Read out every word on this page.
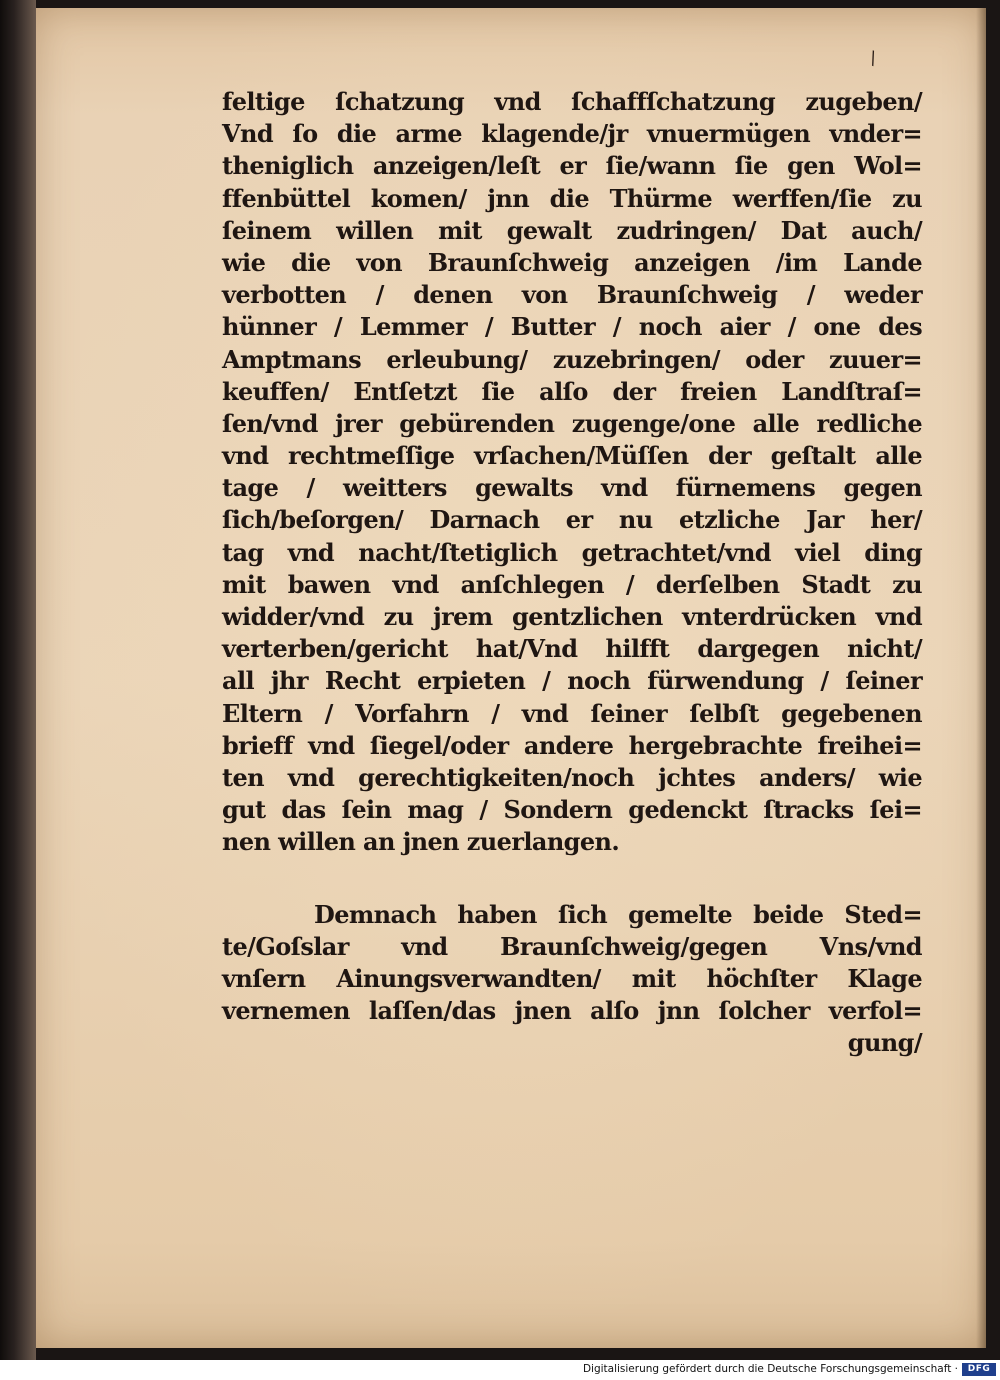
\
feltige ſchatzung vnd ſchaffſchatzung zugeben/
Vnd ſo die arme klagende/jr vnuermügen vnder=
theniglich anzeigen/leſt er ſie/wann ſie gen Wol=
ffenbüttel komen/ jnn die Thürme werffen/ſie zu
ſeinem willen mit gewalt zudringen/ Dat auch/
wie die von Braunſchweig anzeigen /im Lande
verbotten / denen von Braunſchweig / weder
hünner / Lemmer / Butter / noch aier / one des
Amptmans erleubung/ zuzebringen/ oder zuuer=
keuffen/ Entſetzt ſie alſo der freien Landſtraſ=
ſen/vnd jrer gebürenden zugenge/one alle redliche
vnd rechtmeſſige vrſachen/Müſſen der geſtalt alle
tage / weitters gewalts vnd fürnemens gegen
ſich/beſorgen/ Darnach er nu etzliche Jar her/
tag vnd nacht/ſtetiglich getrachtet/vnd viel ding
mit bawen vnd anſchlegen / derſelben Stadt zu
widder/vnd zu jrem gentzlichen vnterdrücken vnd
verterben/gericht hat/Vnd hilfft dargegen nicht/
all jhr Recht erpieten / noch fürwendung / ſeiner
Eltern / Vorfahrn / vnd ſeiner ſelbſt gegebenen
brieff vnd ſiegel/oder andere hergebrachte freihei=
ten vnd gerechtigkeiten/noch jchtes anders/ wie
gut das ſein mag / Sondern gedenckt ſtracks ſei=
nen willen an jnen zuerlangen.
Demnach haben ſich gemelte beide Sted=
te/Goſslar vnd Braunſchweig/gegen Vns/vnd
vnſern Ainungsverwandten/ mit höchſter Klage
vernemen laſſen/das jnen alſo jnn ſolcher verfol=
gung/
Digitalisierung gefördert durch die Deutsche Forschungsgemeinschaft ·	DFG
